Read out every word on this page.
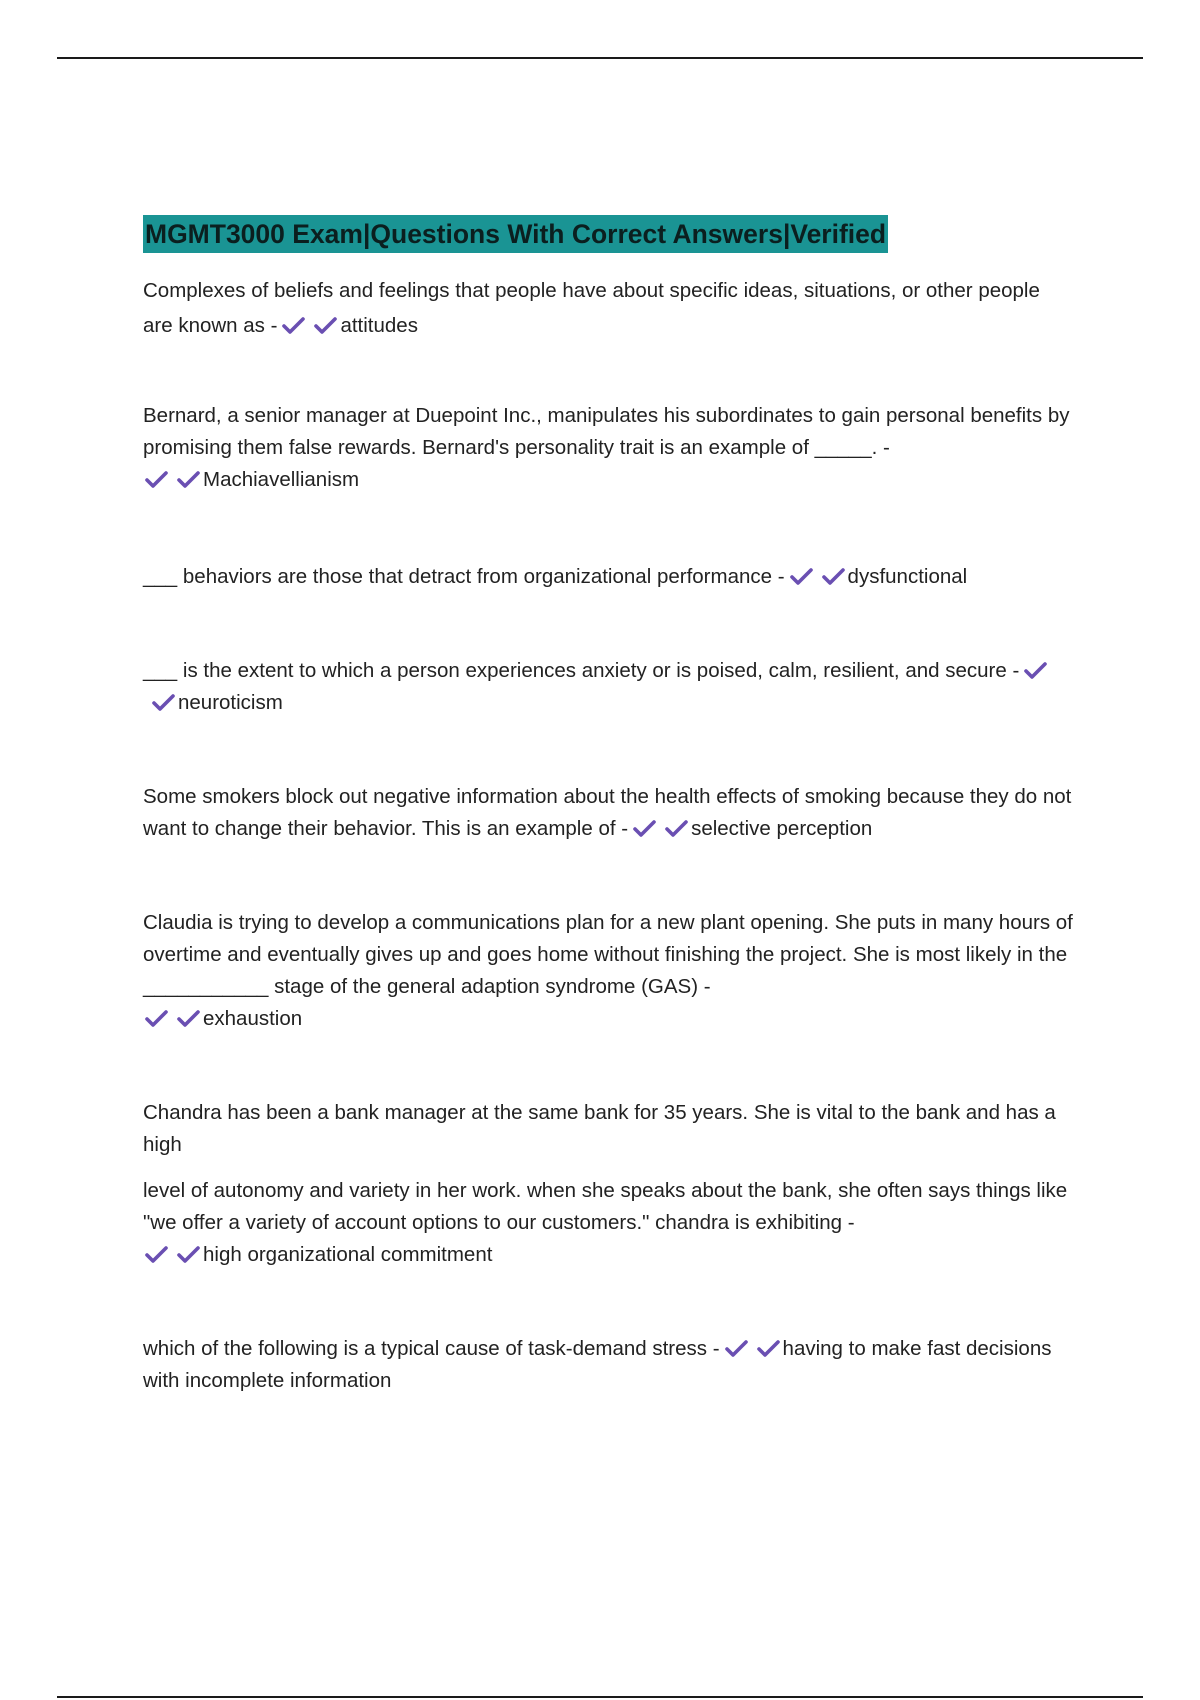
MGMT3000 Exam|Questions With Correct Answers|Verified

Complexes of beliefs and feelings that people have about specific ideas, situations, or other people are known as -	attitudes

Bernard, a senior manager at Duepoint Inc., manipulates his subordinates to gain personal benefits by promising them false rewards. Bernard's personality trait is an example of _____. -

Machiavellianism

___ behaviors are those that detract from organizational performance -	dysfunctional

___ is the extent to which a person experiences anxiety or is poised, calm, resilient, and secure -
neuroticism

Some smokers block out negative information about the health effects of smoking because they do not want to change their behavior. This is an example of -	selective perception

Claudia is trying to develop a communications plan for a new plant opening. She puts in many hours of overtime and eventually gives up and goes home without finishing the project. She is most likely in the ___________ stage of the general adaption syndrome (GAS) -

exhaustion

Chandra has been a bank manager at the same bank for 35 years. She is vital to the bank and has a high
level of autonomy and variety in her work. when she speaks about the bank, she often says things like "we offer a variety of account options to our customers." chandra is exhibiting -
high organizational commitment

which of the following is a typical cause of task-demand stress -	having to make fast decisions with incomplete information
